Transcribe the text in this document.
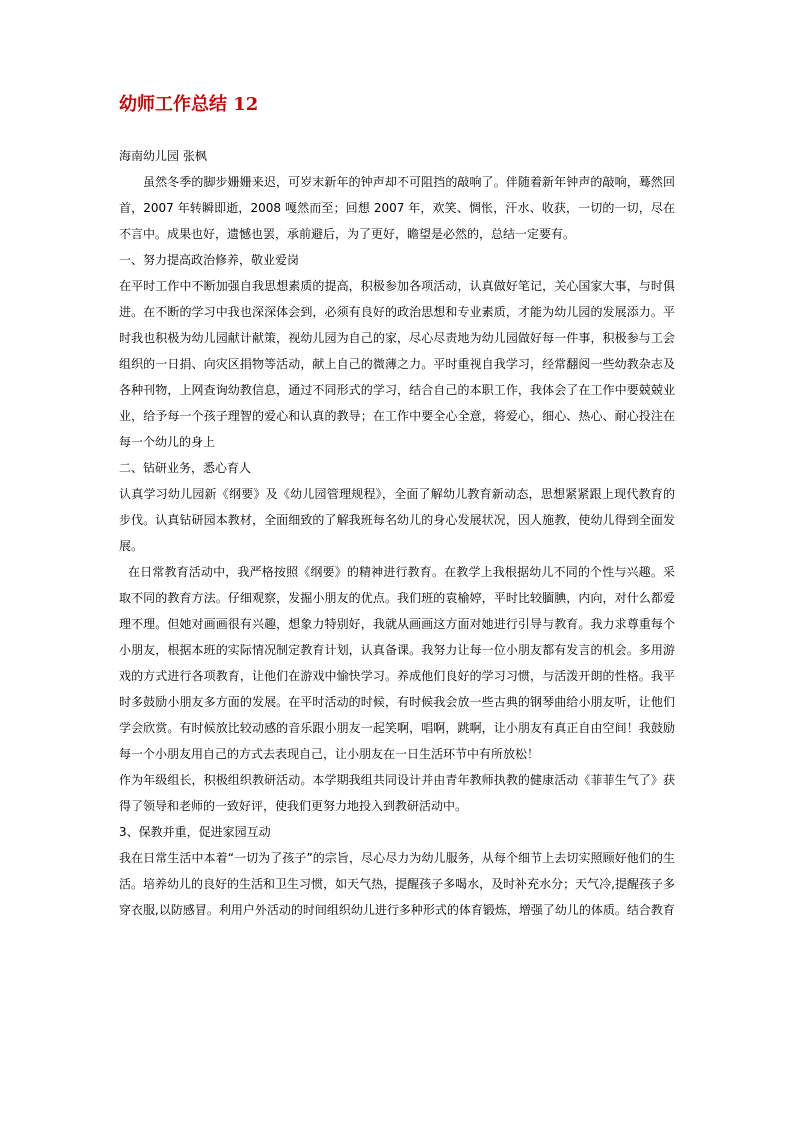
幼师工作总结 12

海南幼儿园 张枫

虽然冬季的脚步姗姗来迟，可岁末新年的钟声却不可阻挡的敲响了。伴随着新年钟声的敲响，蓦然回首，2007 年转瞬即逝，2008 嘎然而至；回想 2007 年，欢笑、惆怅，汗水、收获，一切的一切，尽在不言中。成果也好，遗憾也罢，承前避后，为了更好，瞻望是必然的，总结一定要有。

一、努力提高政治修养，敬业爱岗

在平时工作中不断加强自我思想素质的提高，积极参加各项活动，认真做好笔记，关心国家大事，与时俱进。在不断的学习中我也深深体会到，必须有良好的政治思想和专业素质，才能为幼儿园的发展添力。平时我也积极为幼儿园献计献策，视幼儿园为自己的家，尽心尽责地为幼儿园做好每一件事，积极参与工会组织的一日捐、向灾区捐物等活动，献上自己的微薄之力。平时重视自我学习，经常翻阅一些幼教杂志及各种刊物，上网查询幼教信息，通过不同形式的学习，结合自己的本职工作，我体会了在工作中要兢兢业业，给予每一个孩子理智的爱心和认真的教导；在工作中要全心全意，将爱心，细心、热心、耐心投注在每一个幼儿的身上

二、钻研业务，悉心育人

认真学习幼儿园新《纲要》及《幼儿园管理规程》，全面了解幼儿教育新动态，思想紧紧跟上现代教育的步伐。认真钻研园本教材，全面细致的了解我班每名幼儿的身心发展状况，因人施教，使幼儿得到全面发展。

在日常教育活动中，我严格按照《纲要》的精神进行教育。在教学上我根据幼儿不同的个性与兴趣。采取不同的教育方法。仔细观察，发掘小朋友的优点。我们班的袁榆婷，平时比较腼腆，内向，对什么都爱理不理。但她对画画很有兴趣，想象力特别好，我就从画画这方面对她进行引导与教育。我力求尊重每个小朋友，根据本班的实际情况制定教育计划，认真备课。我努力让每一位小朋友都有发言的机会。多用游戏的方式进行各项教育，让他们在游戏中愉快学习。养成他们良好的学习习惯，与活泼开朗的性格。我平时多鼓励小朋友多方面的发展。在平时活动的时候，有时候我会放一些古典的钢琴曲给小朋友听，让他们学会欣赏。有时候放比较动感的音乐跟小朋友一起笑啊，唱啊，跳啊，让小朋友有真正自由空间！我鼓励每一个小朋友用自己的方式去表现自己，让小朋友在一日生活环节中有所放松！

作为年级组长，积极组织教研活动。本学期我组共同设计并由青年教师执教的健康活动《菲菲生气了》获得了领导和老师的一致好评，使我们更努力地投入到教研活动中。

3、保教并重，促进家园互动

我在日常生活中本着“一切为了孩子”的宗旨，尽心尽力为幼儿服务，从每个细节上去切实照顾好他们的生活。培养幼儿的良好的生活和卫生习惯，如天气热，提醒孩子多喝水，及时补充水分；天气冷,提醒孩子多穿衣服,以防感冒。利用户外活动的时间组织幼儿进行多种形式的体育锻炼，增强了幼儿的体质。结合教育
